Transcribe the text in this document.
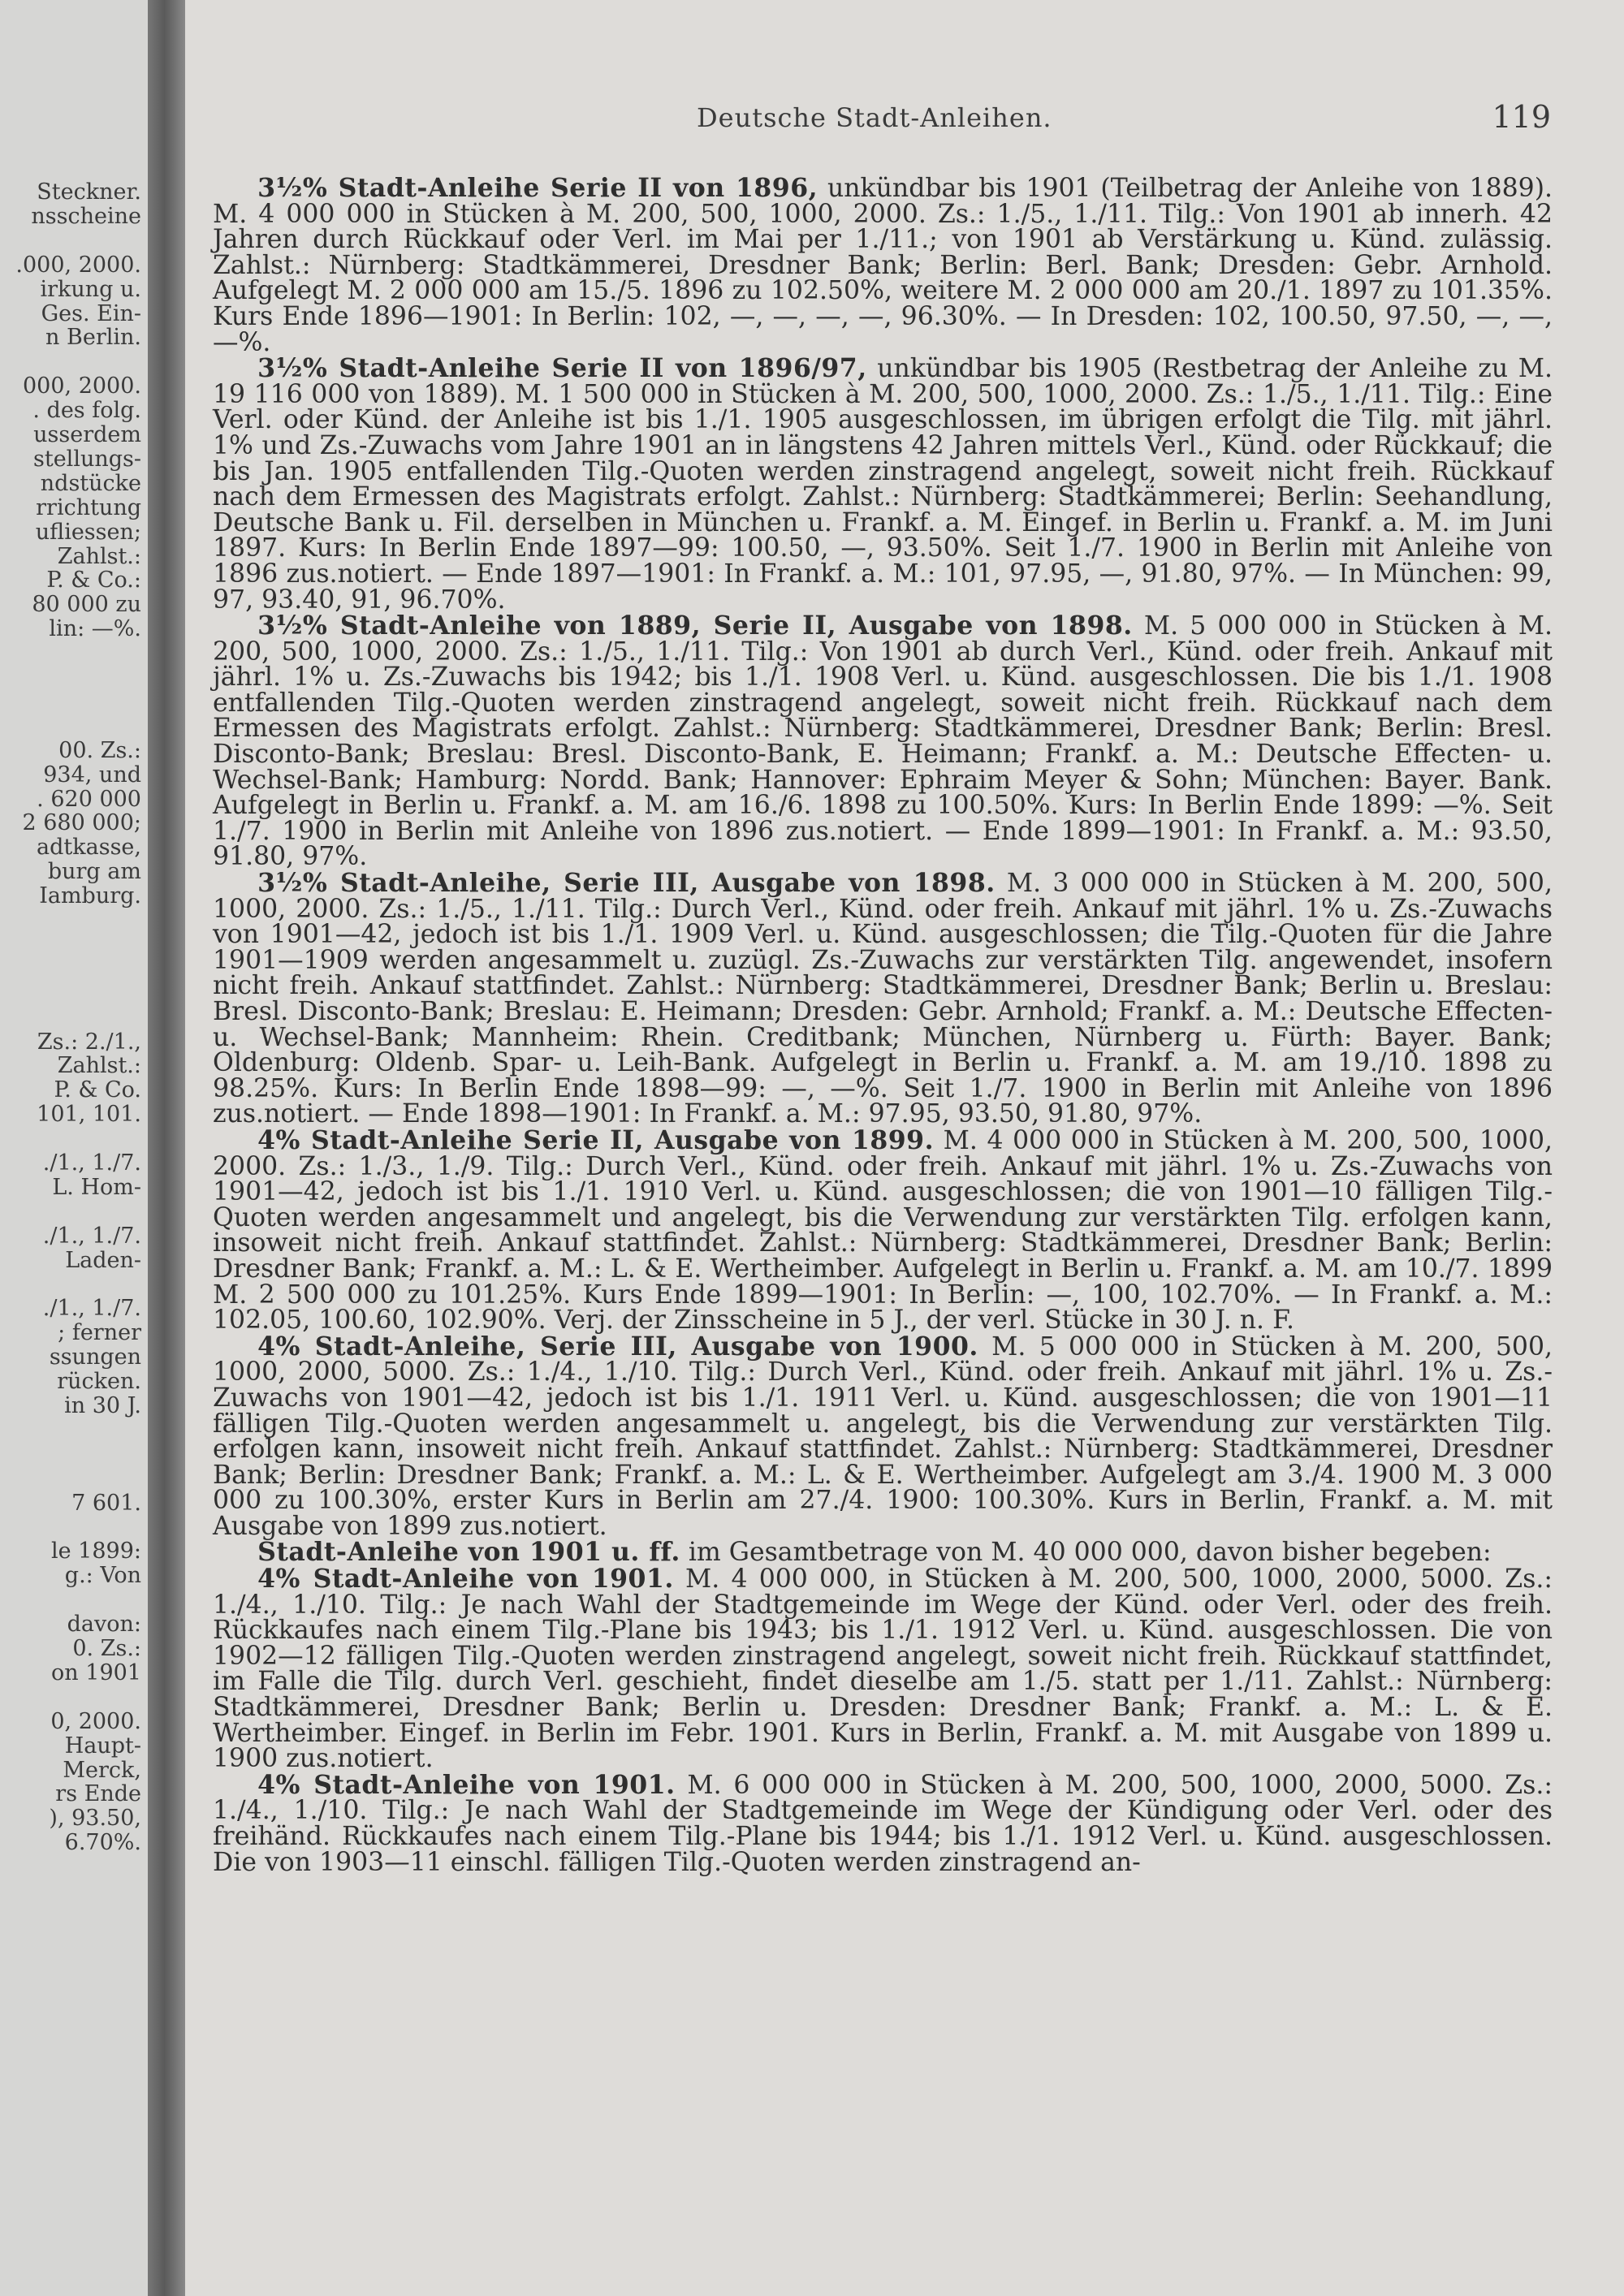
Steckner.
nsscheine
.000, 2000.
irkung u.
Ges. Ein-
n Berlin.
000, 2000.
. des folg.
usserdem
stellungs-
ndstücke
rrichtung
ufliessen;
Zahlst.:
P. & Co.:
80 000 zu
lin: —%.
00. Zs.:
934, und
. 620 000
2 680 000;
adtkasse,
burg am
Iamburg.
Zs.: 2./1.,
Zahlst.:
P. & Co.
101, 101.
./1., 1./7.
L. Hom-
./1., 1./7.
Laden-
./1., 1./7.
; ferner
ssungen
rücken.
in 30 J.
7 601.
le 1899:
g.: Von
davon:
0. Zs.:
on 1901
0, 2000.
Haupt-
Merck,
rs Ende
), 93.50,
6.70%.
Deutsche Stadt-Anleihen.	119

3½% Stadt-Anleihe Serie II von 1896, unkündbar bis 1901 (Teilbetrag der Anleihe von 1889). M. 4 000 000 in Stücken à M. 200, 500, 1000, 2000. Zs.: 1./5., 1./11. Tilg.: Von 1901 ab innerh. 42 Jahren durch Rückkauf oder Verl. im Mai per 1./11.; von 1901 ab Verstärkung u. Künd. zulässig. Zahlst.: Nürnberg: Stadtkämmerei, Dresdner Bank; Berlin: Berl. Bank; Dresden: Gebr. Arnhold. Aufgelegt M. 2 000 000 am 15./5. 1896 zu 102.50%, weitere M. 2 000 000 am 20./1. 1897 zu 101.35%. Kurs Ende 1896—1901: In Berlin: 102, —, —, —, —, 96.30%. — In Dresden: 102, 100.50, 97.50, —, —, —%.

3½% Stadt-Anleihe Serie II von 1896/97, unkündbar bis 1905 (Restbetrag der Anleihe zu M. 19 116 000 von 1889). M. 1 500 000 in Stücken à M. 200, 500, 1000, 2000. Zs.: 1./5., 1./11. Tilg.: Eine Verl. oder Künd. der Anleihe ist bis 1./1. 1905 ausgeschlossen, im übrigen erfolgt die Tilg. mit jährl. 1% und Zs.-Zuwachs vom Jahre 1901 an in längstens 42 Jahren mittels Verl., Künd. oder Rückkauf; die bis Jan. 1905 entfallenden Tilg.-Quoten werden zinstragend angelegt, soweit nicht freih. Rückkauf nach dem Ermessen des Magistrats erfolgt. Zahlst.: Nürnberg: Stadtkämmerei; Berlin: Seehandlung, Deutsche Bank u. Fil. derselben in München u. Frankf. a. M. Eingef. in Berlin u. Frankf. a. M. im Juni 1897. Kurs: In Berlin Ende 1897—99: 100.50, —, 93.50%. Seit 1./7. 1900 in Berlin mit Anleihe von 1896 zus.notiert. — Ende 1897—1901: In Frankf. a. M.: 101, 97.95, —, 91.80, 97%. — In München: 99, 97, 93.40, 91, 96.70%.

3½% Stadt-Anleihe von 1889, Serie II, Ausgabe von 1898. M. 5 000 000 in Stücken à M. 200, 500, 1000, 2000. Zs.: 1./5., 1./11. Tilg.: Von 1901 ab durch Verl., Künd. oder freih. Ankauf mit jährl. 1% u. Zs.-Zuwachs bis 1942; bis 1./1. 1908 Verl. u. Künd. ausgeschlossen. Die bis 1./1. 1908 entfallenden Tilg.-Quoten werden zinstragend angelegt, soweit nicht freih. Rückkauf nach dem Ermessen des Magistrats erfolgt. Zahlst.: Nürnberg: Stadtkämmerei, Dresdner Bank; Berlin: Bresl. Disconto-Bank; Breslau: Bresl. Disconto-Bank, E. Heimann; Frankf. a. M.: Deutsche Effecten- u. Wechsel-Bank; Hamburg: Nordd. Bank; Hannover: Ephraim Meyer & Sohn; München: Bayer. Bank. Aufgelegt in Berlin u. Frankf. a. M. am 16./6. 1898 zu 100.50%. Kurs: In Berlin Ende 1899: —%. Seit 1./7. 1900 in Berlin mit Anleihe von 1896 zus.notiert. — Ende 1899—1901: In Frankf. a. M.: 93.50, 91.80, 97%.

3½% Stadt-Anleihe, Serie III, Ausgabe von 1898. M. 3 000 000 in Stücken à M. 200, 500, 1000, 2000. Zs.: 1./5., 1./11. Tilg.: Durch Verl., Künd. oder freih. Ankauf mit jährl. 1% u. Zs.-Zuwachs von 1901—42, jedoch ist bis 1./1. 1909 Verl. u. Künd. ausgeschlossen; die Tilg.-Quoten für die Jahre 1901—1909 werden angesammelt u. zuzügl. Zs.-Zuwachs zur verstärkten Tilg. angewendet, insofern nicht freih. Ankauf stattfindet. Zahlst.: Nürnberg: Stadtkämmerei, Dresdner Bank; Berlin u. Breslau: Bresl. Disconto-Bank; Breslau: E. Heimann; Dresden: Gebr. Arnhold; Frankf. a. M.: Deutsche Effecten- u. Wechsel-Bank; Mannheim: Rhein. Creditbank; München, Nürnberg u. Fürth: Bayer. Bank; Oldenburg: Oldenb. Spar- u. Leih-Bank. Aufgelegt in Berlin u. Frankf. a. M. am 19./10. 1898 zu 98.25%. Kurs: In Berlin Ende 1898—99: —, —%. Seit 1./7. 1900 in Berlin mit Anleihe von 1896 zus.notiert. — Ende 1898—1901: In Frankf. a. M.: 97.95, 93.50, 91.80, 97%.

4% Stadt-Anleihe Serie II, Ausgabe von 1899. M. 4 000 000 in Stücken à M. 200, 500, 1000, 2000. Zs.: 1./3., 1./9. Tilg.: Durch Verl., Künd. oder freih. Ankauf mit jährl. 1% u. Zs.-Zuwachs von 1901—42, jedoch ist bis 1./1. 1910 Verl. u. Künd. ausgeschlossen; die von 1901—10 fälligen Tilg.-Quoten werden angesammelt und angelegt, bis die Verwendung zur verstärkten Tilg. erfolgen kann, insoweit nicht freih. Ankauf stattfindet. Zahlst.: Nürnberg: Stadtkämmerei, Dresdner Bank; Berlin: Dresdner Bank; Frankf. a. M.: L. & E. Wertheimber. Aufgelegt in Berlin u. Frankf. a. M. am 10./7. 1899 M. 2 500 000 zu 101.25%. Kurs Ende 1899—1901: In Berlin: —, 100, 102.70%. — In Frankf. a. M.: 102.05, 100.60, 102.90%. Verj. der Zinsscheine in 5 J., der verl. Stücke in 30 J. n. F.

4% Stadt-Anleihe, Serie III, Ausgabe von 1900. M. 5 000 000 in Stücken à M. 200, 500, 1000, 2000, 5000. Zs.: 1./4., 1./10. Tilg.: Durch Verl., Künd. oder freih. Ankauf mit jährl. 1% u. Zs.-Zuwachs von 1901—42, jedoch ist bis 1./1. 1911 Verl. u. Künd. ausgeschlossen; die von 1901—11 fälligen Tilg.-Quoten werden angesammelt u. angelegt, bis die Verwendung zur verstärkten Tilg. erfolgen kann, insoweit nicht freih. Ankauf stattfindet. Zahlst.: Nürnberg: Stadtkämmerei, Dresdner Bank; Berlin: Dresdner Bank; Frankf. a. M.: L. & E. Wertheimber. Aufgelegt am 3./4. 1900 M. 3 000 000 zu 100.30%, erster Kurs in Berlin am 27./4. 1900: 100.30%. Kurs in Berlin, Frankf. a. M. mit Ausgabe von 1899 zus.notiert.

Stadt-Anleihe von 1901 u. ff. im Gesamtbetrage von M. 40 000 000, davon bisher begeben:

4% Stadt-Anleihe von 1901. M. 4 000 000, in Stücken à M. 200, 500, 1000, 2000, 5000. Zs.: 1./4., 1./10. Tilg.: Je nach Wahl der Stadtgemeinde im Wege der Künd. oder Verl. oder des freih. Rückkaufes nach einem Tilg.-Plane bis 1943; bis 1./1. 1912 Verl. u. Künd. ausgeschlossen. Die von 1902—12 fälligen Tilg.-Quoten werden zinstragend angelegt, soweit nicht freih. Rückkauf stattfindet, im Falle die Tilg. durch Verl. geschieht, findet dieselbe am 1./5. statt per 1./11. Zahlst.: Nürnberg: Stadtkämmerei, Dresdner Bank; Berlin u. Dresden: Dresdner Bank; Frankf. a. M.: L. & E. Wertheimber. Eingef. in Berlin im Febr. 1901. Kurs in Berlin, Frankf. a. M. mit Ausgabe von 1899 u. 1900 zus.notiert.

4% Stadt-Anleihe von 1901. M. 6 000 000 in Stücken à M. 200, 500, 1000, 2000, 5000. Zs.: 1./4., 1./10. Tilg.: Je nach Wahl der Stadtgemeinde im Wege der Kündigung oder Verl. oder des freihänd. Rückkaufes nach einem Tilg.-Plane bis 1944; bis 1./1. 1912 Verl. u. Künd. ausgeschlossen. Die von 1903—11 einschl. fälligen Tilg.-Quoten werden zinstragend an-
